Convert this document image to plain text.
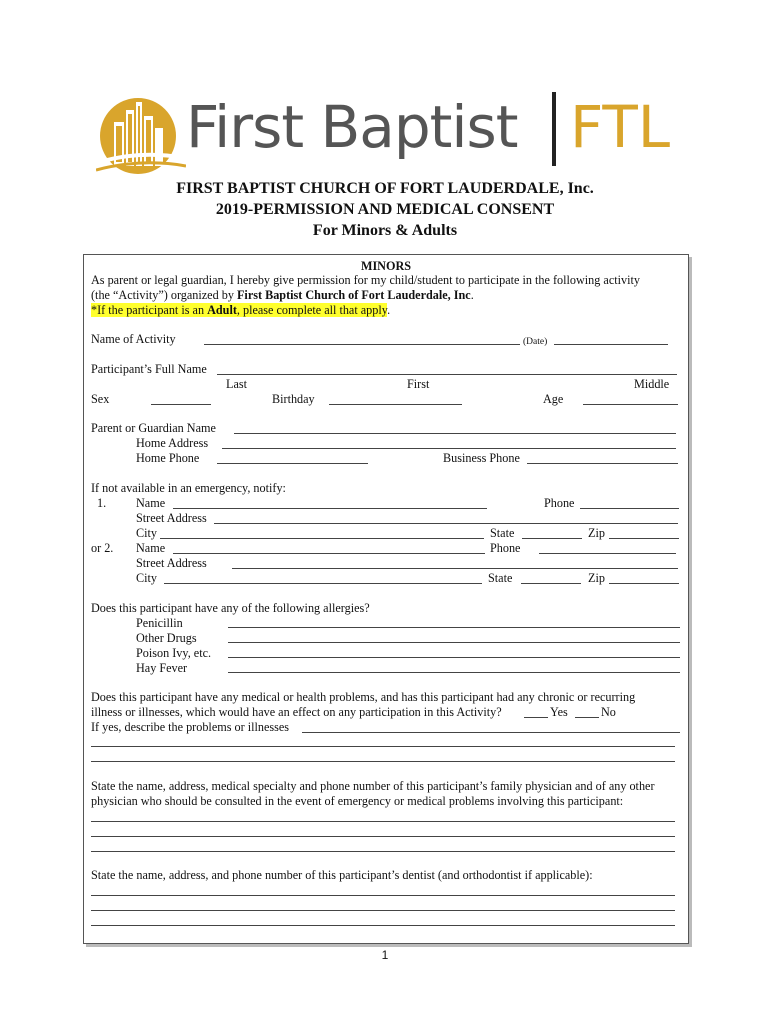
First Baptist FTL
FIRST BAPTIST CHURCH OF FORT LAUDERDALE, Inc.
2019-PERMISSION AND MEDICAL CONSENT
For Minors & Adults
MINORS
As parent or legal guardian, I hereby give permission for my child/student to participate in the following activity
(the “Activity”) organized by First Baptist Church of Fort Lauderdale, Inc.
*If the participant is an Adult, please complete all that apply.
Name of Activity	(Date)
Participant’s Full Name
Last	First	Middle
Sex	Birthday	Age
Parent or Guardian Name
Home Address
Home Phone	Business Phone
If not available in an emergency, notify:
1. Name	Phone
Street Address
City	State	Zip
or 2. Name	Phone
Street Address
City	State	Zip
Does this participant have any of the following allergies?
Penicillin
Other Drugs
Poison Ivy, etc.
Hay Fever
Does this participant have any medical or health problems, and has this participant had any chronic or recurring
illness or illnesses, which would have an effect on any participation in this Activity?	Yes	No
If yes, describe the problems or illnesses
State the name, address, medical specialty and phone number of this participant’s family physician and of any other
physician who should be consulted in the event of emergency or medical problems involving this participant:
State the name, address, and phone number of this participant’s dentist (and orthodontist if applicable):
1
